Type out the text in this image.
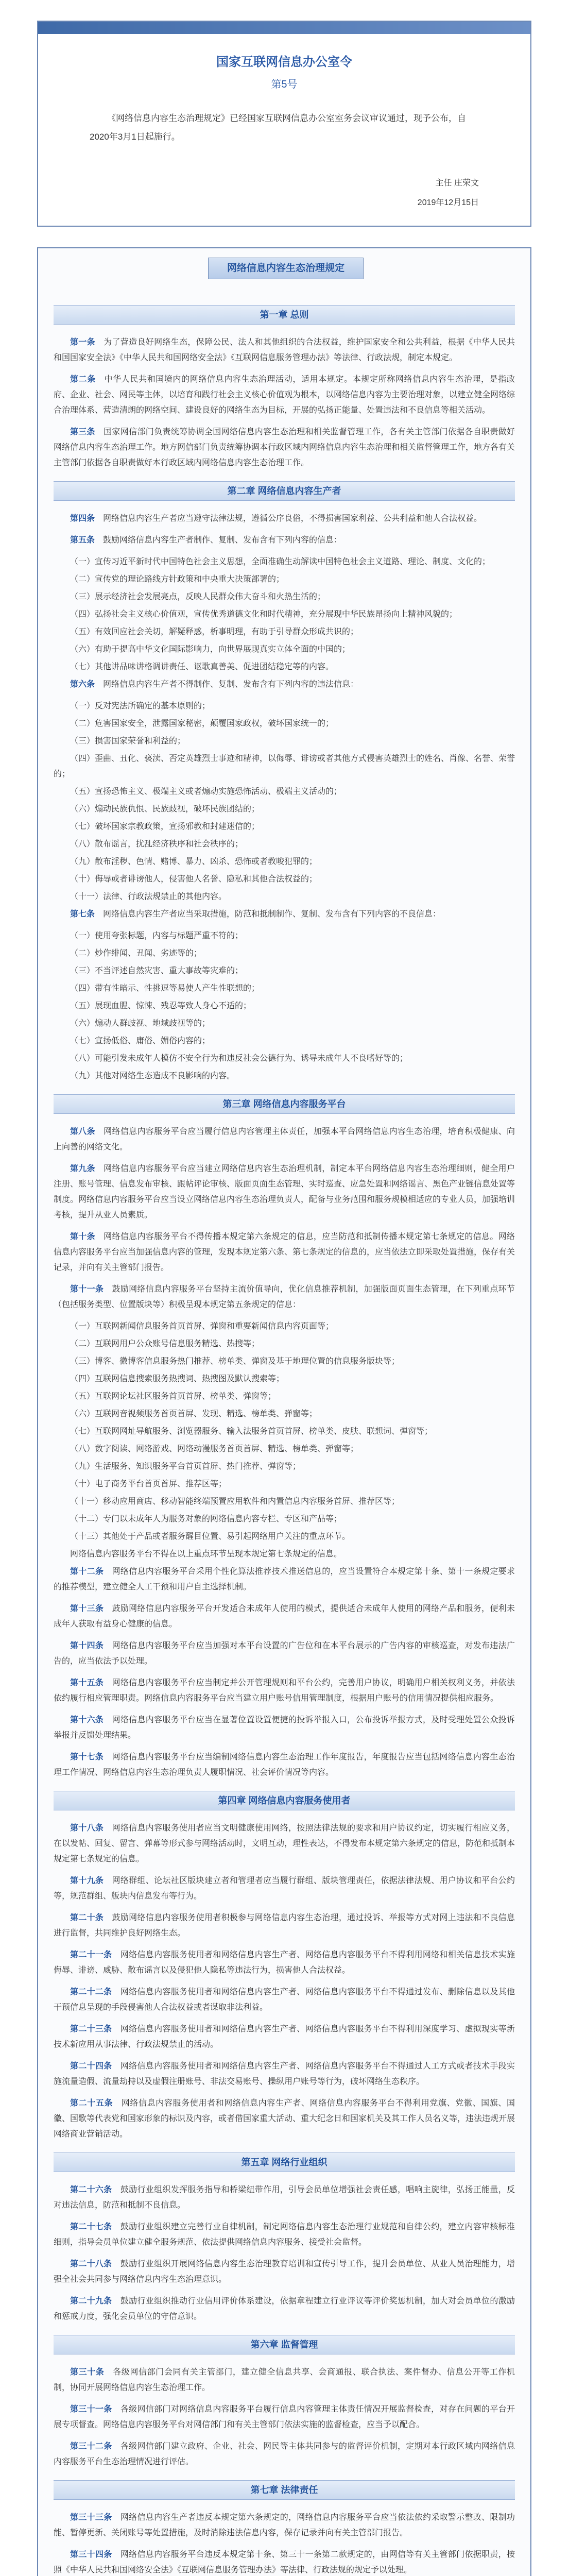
国家互联网信息办公室令
第5号
《网络信息内容生态治理规定》已经国家互联网信息办公室室务会议审议通过，现予公布，自2020年3月1日起施行。
主任 庄荣文
2019年12月15日
网络信息内容生态治理规定
第一章 总则

第一条　 为了营造良好网络生态，保障公民、法人和其他组织的合法权益，维护国家安全和公共利益，根据《中华人民共和国国家安全法》《中华人民共和国网络安全法》《互联网信息服务管理办法》等法律、行政法规，制定本规定。

第二条　 中华人民共和国境内的网络信息内容生态治理活动，适用本规定。本规定所称网络信息内容生态治理，是指政府、企业、社会、网民等主体，以培育和践行社会主义核心价值观为根本，以网络信息内容为主要治理对象，以建立健全网络综合治理体系、营造清朗的网络空间、建设良好的网络生态为目标，开展的弘扬正能量、处置违法和不良信息等相关活动。

第三条　 国家网信部门负责统筹协调全国网络信息内容生态治理和相关监督管理工作，各有关主管部门依据各自职责做好网络信息内容生态治理工作。地方网信部门负责统筹协调本行政区域内网络信息内容生态治理和相关监督管理工作，地方各有关主管部门依据各自职责做好本行政区域内网络信息内容生态治理工作。

第二章 网络信息内容生产者

第四条　 网络信息内容生产者应当遵守法律法规，遵循公序良俗，不得损害国家利益、公共利益和他人合法权益。

第五条　 鼓励网络信息内容生产者制作、复制、发布含有下列内容的信息：

（一）宣传习近平新时代中国特色社会主义思想，全面准确生动解读中国特色社会主义道路、理论、制度、文化的；
（二）宣传党的理论路线方针政策和中央重大决策部署的；
（三）展示经济社会发展亮点，反映人民群众伟大奋斗和火热生活的；
（四）弘扬社会主义核心价值观，宣传优秀道德文化和时代精神，充分展现中华民族昂扬向上精神风貌的；
（五）有效回应社会关切，解疑释惑，析事明理，有助于引导群众形成共识的；
（六）有助于提高中华文化国际影响力，向世界展现真实立体全面的中国的；
（七）其他讲品味讲格调讲责任、讴歌真善美、促进团结稳定等的内容。

第六条　 网络信息内容生产者不得制作、复制、发布含有下列内容的违法信息：

（一）反对宪法所确定的基本原则的；
（二）危害国家安全，泄露国家秘密，颠覆国家政权，破坏国家统一的；
（三）损害国家荣誉和利益的；
（四）歪曲、丑化、亵渎、否定英雄烈士事迹和精神，以侮辱、诽谤或者其他方式侵害英雄烈士的姓名、肖像、名誉、荣誉的；
（五）宣扬恐怖主义、极端主义或者煽动实施恐怖活动、极端主义活动的；
（六）煽动民族仇恨、民族歧视，破坏民族团结的；
（七）破坏国家宗教政策，宣扬邪教和封建迷信的；
（八）散布谣言，扰乱经济秩序和社会秩序的；
（九）散布淫秽、色情、赌博、暴力、凶杀、恐怖或者教唆犯罪的；
（十）侮辱或者诽谤他人，侵害他人名誉、隐私和其他合法权益的；
（十一）法律、行政法规禁止的其他内容。

第七条　 网络信息内容生产者应当采取措施，防范和抵制制作、复制、发布含有下列内容的不良信息：

（一）使用夸张标题，内容与标题严重不符的；
（二）炒作绯闻、丑闻、劣迹等的；
（三）不当评述自然灾害、重大事故等灾难的；
（四）带有性暗示、性挑逗等易使人产生性联想的；
（五）展现血腥、惊悚、残忍等致人身心不适的；
（六）煽动人群歧视、地域歧视等的；
（七）宣扬低俗、庸俗、媚俗内容的；
（八）可能引发未成年人模仿不安全行为和违反社会公德行为、诱导未成年人不良嗜好等的；
（九）其他对网络生态造成不良影响的内容。
第三章 网络信息内容服务平台

第八条　 网络信息内容服务平台应当履行信息内容管理主体责任，加强本平台网络信息内容生态治理，培育积极健康、向上向善的网络文化。

第九条　 网络信息内容服务平台应当建立网络信息内容生态治理机制，制定本平台网络信息内容生态治理细则，健全用户注册、账号管理、信息发布审核、跟帖评论审核、版面页面生态管理、实时巡查、应急处置和网络谣言、黑色产业链信息处置等制度。网络信息内容服务平台应当设立网络信息内容生态治理负责人，配备与业务范围和服务规模相适应的专业人员，加强培训考核，提升从业人员素质。

第十条　 网络信息内容服务平台不得传播本规定第六条规定的信息，应当防范和抵制传播本规定第七条规定的信息。网络信息内容服务平台应当加强信息内容的管理，发现本规定第六条、第七条规定的信息的，应当依法立即采取处置措施，保存有关记录，并向有关主管部门报告。

第十一条　 鼓励网络信息内容服务平台坚持主流价值导向，优化信息推荐机制，加强版面页面生态管理，在下列重点环节（包括服务类型、位置版块等）积极呈现本规定第五条规定的信息：

（一）互联网新闻信息服务首页首屏、弹窗和重要新闻信息内容页面等；
（二）互联网用户公众账号信息服务精选、热搜等；
（三）博客、微博客信息服务热门推荐、榜单类、弹窗及基于地理位置的信息服务版块等；
（四）互联网信息搜索服务热搜词、热搜图及默认搜索等；
（五）互联网论坛社区服务首页首屏、榜单类、弹窗等；
（六）互联网音视频服务首页首屏、发现、精选、榜单类、弹窗等；
（七）互联网网址导航服务、浏览器服务、输入法服务首页首屏、榜单类、皮肤、联想词、弹窗等；
（八）数字阅读、网络游戏、网络动漫服务首页首屏、精选、榜单类、弹窗等；
（九）生活服务、知识服务平台首页首屏、热门推荐、弹窗等；
（十）电子商务平台首页首屏、推荐区等；
（十一）移动应用商店、移动智能终端预置应用软件和内置信息内容服务首屏、推荐区等；
（十二）专门以未成年人为服务对象的网络信息内容专栏、专区和产品等；
（十三）其他处于产品或者服务醒目位置、易引起网络用户关注的重点环节。
网络信息内容服务平台不得在以上重点环节呈现本规定第七条规定的信息。

第十二条　 网络信息内容服务平台采用个性化算法推荐技术推送信息的，应当设置符合本规定第十条、第十一条规定要求的推荐模型，建立健全人工干预和用户自主选择机制。

第十三条　 鼓励网络信息内容服务平台开发适合未成年人使用的模式，提供适合未成年人使用的网络产品和服务，便利未成年人获取有益身心健康的信息。

第十四条　 网络信息内容服务平台应当加强对本平台设置的广告位和在本平台展示的广告内容的审核巡查，对发布违法广告的，应当依法予以处理。

第十五条　 网络信息内容服务平台应当制定并公开管理规则和平台公约，完善用户协议，明确用户相关权利义务，并依法依约履行相应管理职责。网络信息内容服务平台应当建立用户账号信用管理制度，根据用户账号的信用情况提供相应服务。

第十六条　 网络信息内容服务平台应当在显著位置设置便捷的投诉举报入口，公布投诉举报方式，及时受理处置公众投诉举报并反馈处理结果。

第十七条　 网络信息内容服务平台应当编制网络信息内容生态治理工作年度报告，年度报告应当包括网络信息内容生态治理工作情况、网络信息内容生态治理负责人履职情况、社会评价情况等内容。

第四章 网络信息内容服务使用者

第十八条　 网络信息内容服务使用者应当文明健康使用网络，按照法律法规的要求和用户协议约定，切实履行相应义务，在以发帖、回复、留言、弹幕等形式参与网络活动时，文明互动，理性表达，不得发布本规定第六条规定的信息，防范和抵制本规定第七条规定的信息。

第十九条　 网络群组、论坛社区版块建立者和管理者应当履行群组、版块管理责任，依据法律法规、用户协议和平台公约等，规范群组、版块内信息发布等行为。

第二十条　 鼓励网络信息内容服务使用者积极参与网络信息内容生态治理，通过投诉、举报等方式对网上违法和不良信息进行监督，共同维护良好网络生态。

第二十一条　 网络信息内容服务使用者和网络信息内容生产者、网络信息内容服务平台不得利用网络和相关信息技术实施侮辱、诽谤、威胁、散布谣言以及侵犯他人隐私等违法行为，损害他人合法权益。

第二十二条　 网络信息内容服务使用者和网络信息内容生产者、网络信息内容服务平台不得通过发布、删除信息以及其他干预信息呈现的手段侵害他人合法权益或者谋取非法利益。

第二十三条　 网络信息内容服务使用者和网络信息内容生产者、网络信息内容服务平台不得利用深度学习、虚拟现实等新技术新应用从事法律、行政法规禁止的活动。

第二十四条　 网络信息内容服务使用者和网络信息内容生产者、网络信息内容服务平台不得通过人工方式或者技术手段实施流量造假、流量劫持以及虚假注册账号、非法交易账号、操纵用户账号等行为，破坏网络生态秩序。

第二十五条　 网络信息内容服务使用者和网络信息内容生产者、网络信息内容服务平台不得利用党旗、党徽、国旗、国徽、国歌等代表党和国家形象的标识及内容，或者借国家重大活动、重大纪念日和国家机关及其工作人员名义等，违法违规开展网络商业营销活动。

第五章 网络行业组织

第二十六条　 鼓励行业组织发挥服务指导和桥梁纽带作用，引导会员单位增强社会责任感，唱响主旋律，弘扬正能量，反对违法信息，防范和抵制不良信息。

第二十七条　 鼓励行业组织建立完善行业自律机制，制定网络信息内容生态治理行业规范和自律公约，建立内容审核标准细则，指导会员单位建立健全服务规范、依法提供网络信息内容服务、接受社会监督。

第二十八条　 鼓励行业组织开展网络信息内容生态治理教育培训和宣传引导工作，提升会员单位、从业人员治理能力，增强全社会共同参与网络信息内容生态治理意识。

第二十九条　 鼓励行业组织推动行业信用评价体系建设，依据章程建立行业评议等评价奖惩机制，加大对会员单位的激励和惩戒力度，强化会员单位的守信意识。

第六章 监督管理

第三十条　 各级网信部门会同有关主管部门，建立健全信息共享、会商通报、联合执法、案件督办、信息公开等工作机制，协同开展网络信息内容生态治理工作。

第三十一条　 各级网信部门对网络信息内容服务平台履行信息内容管理主体责任情况开展监督检查，对存在问题的平台开展专项督查。网络信息内容服务平台对网信部门和有关主管部门依法实施的监督检查，应当予以配合。

第三十二条　 各级网信部门建立政府、企业、社会、网民等主体共同参与的监督评价机制，定期对本行政区域内网络信息内容服务平台生态治理情况进行评估。

第七章 法律责任

第三十三条　 网络信息内容生产者违反本规定第六条规定的，网络信息内容服务平台应当依法依约采取警示整改、限制功能、暂停更新、关闭账号等处置措施，及时消除违法信息内容，保存记录并向有关主管部门报告。

第三十四条　 网络信息内容服务平台违反本规定第十条、第三十一条第二款规定的，由网信等有关主管部门依据职责，按照《中华人民共和国网络安全法》《互联网信息服务管理办法》等法律、行政法规的规定予以处理。
